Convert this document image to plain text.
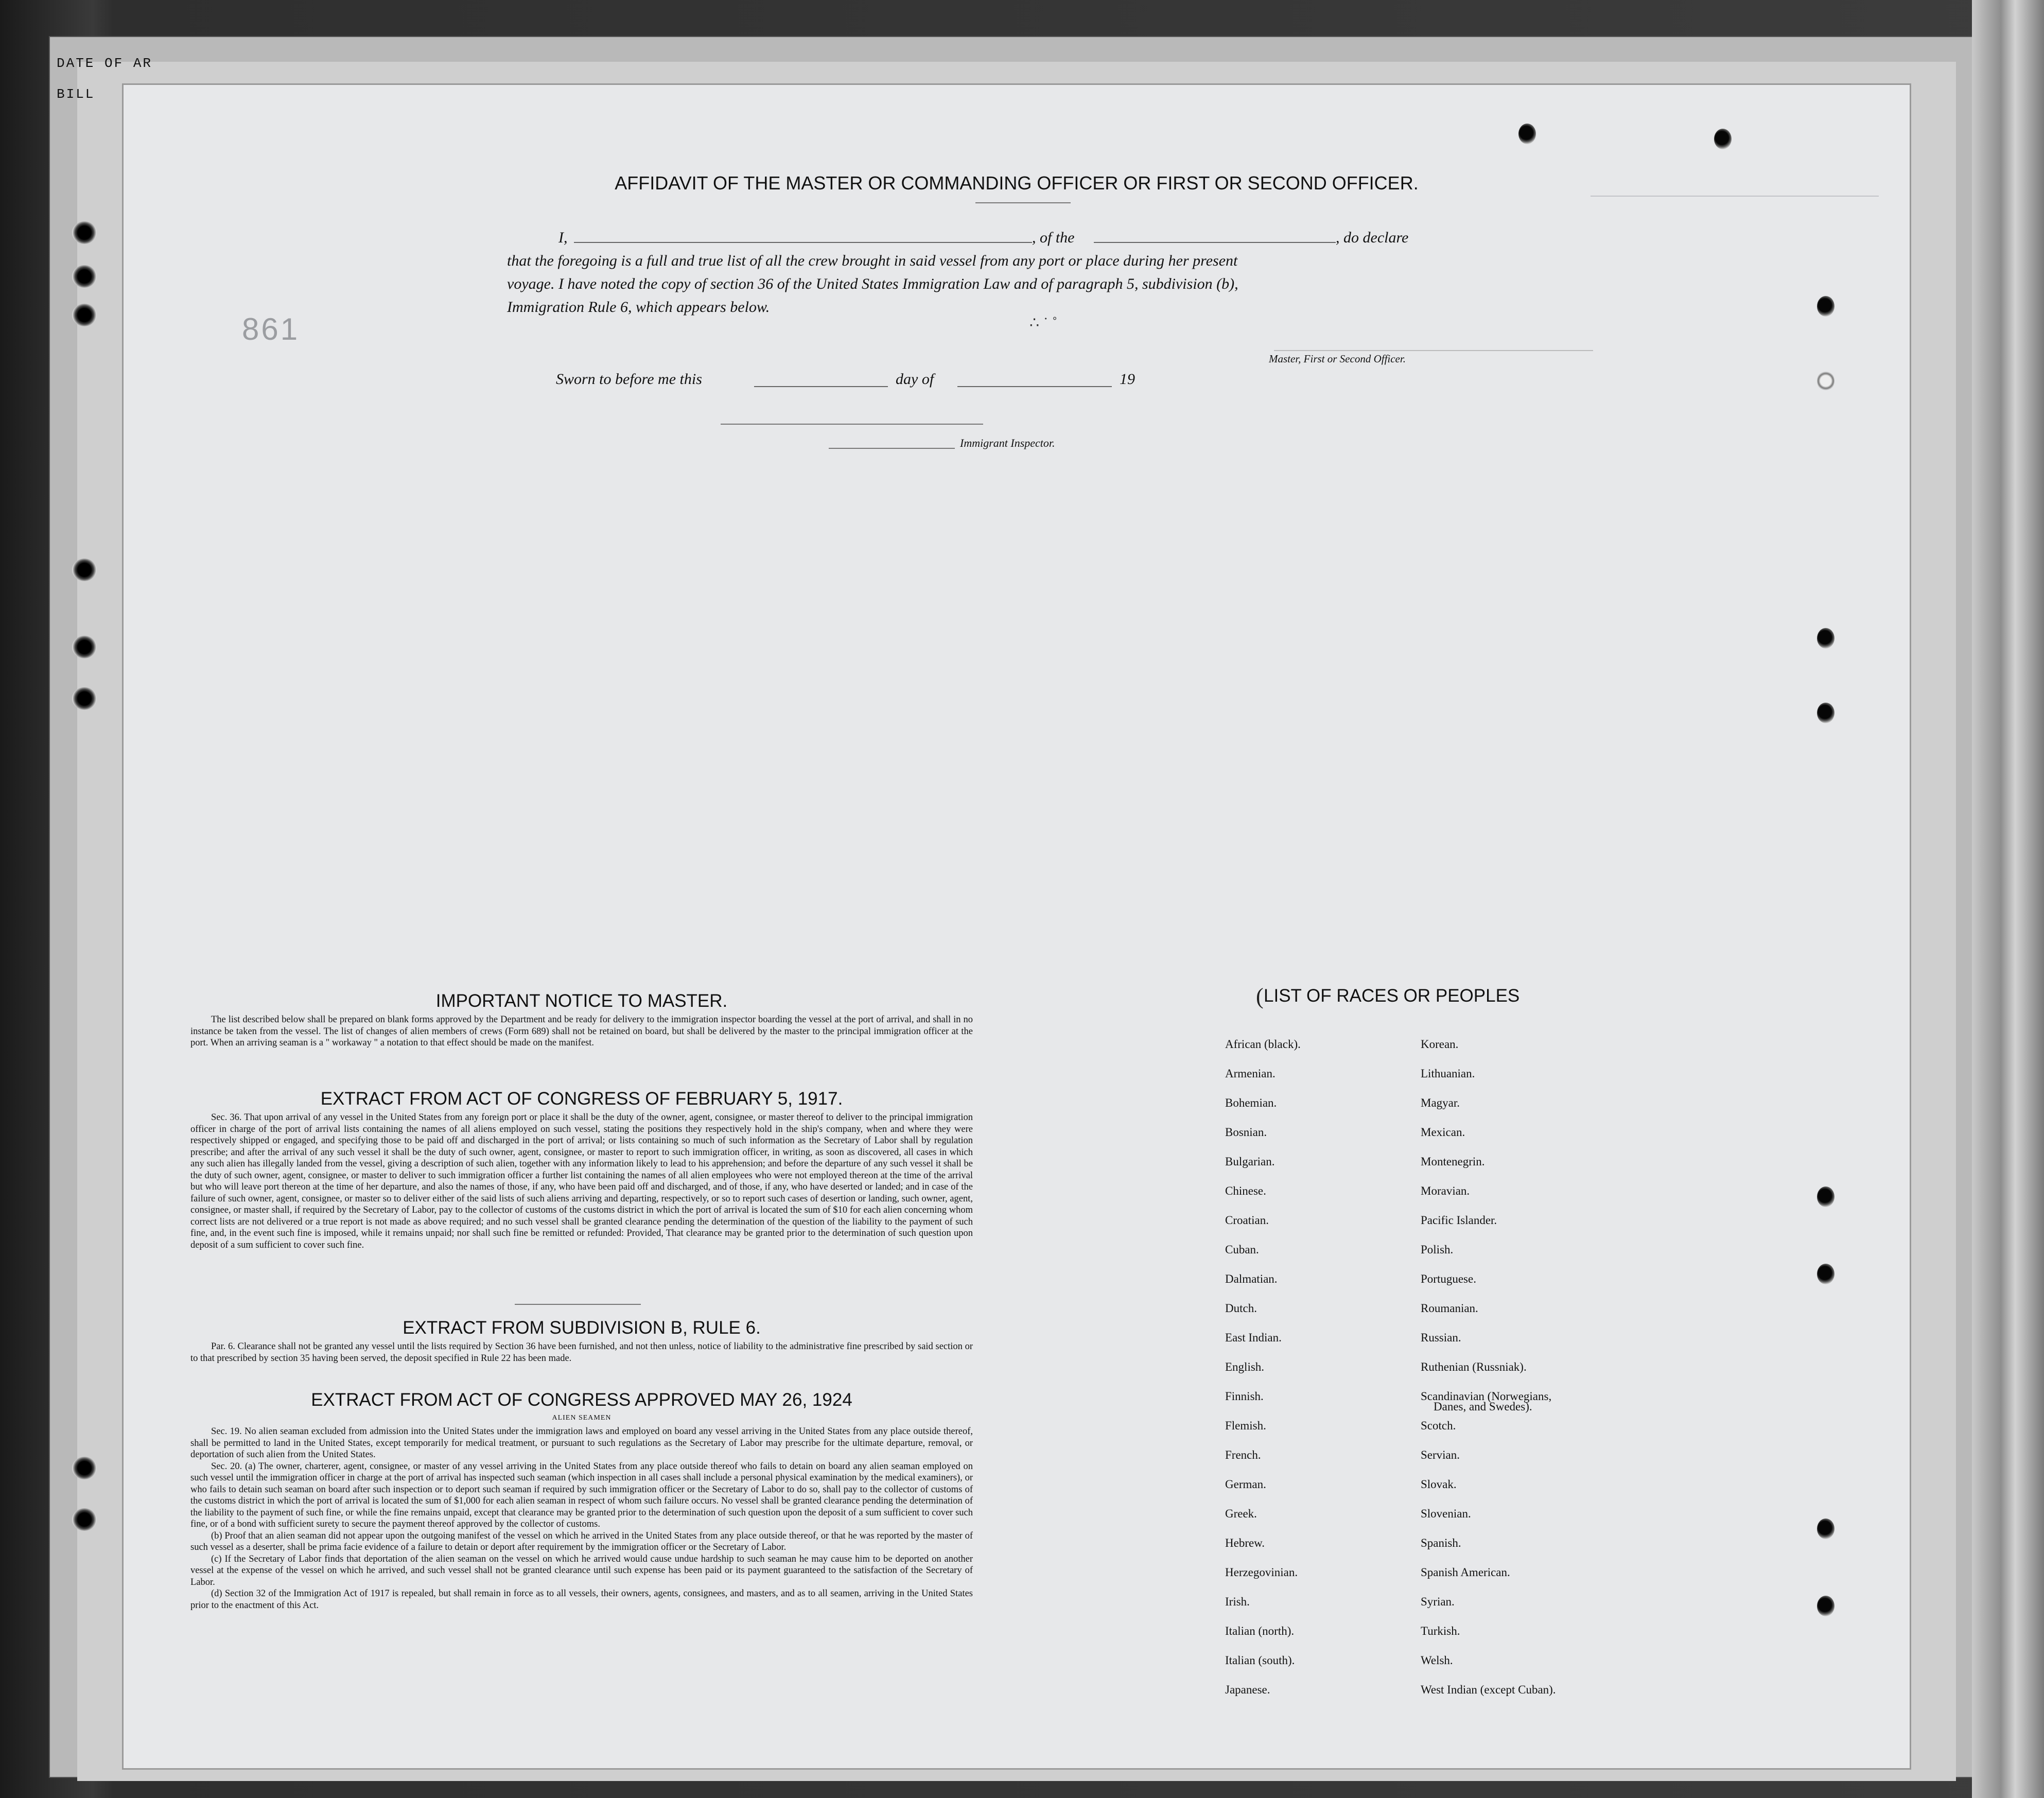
DATE OF AR
BILL
861
AFFIDAVIT OF THE MASTER OR COMMANDING OFFICER OR FIRST OR SECOND OFFICER.
I,	, of the	, do declare
that the foregoing is a full and true list of all the crew brought in said vessel from any port or place during her present
voyage. I have noted the copy of section 36 of the United States Immigration Law and of paragraph 5, subdivision (b),
Immigration Rule 6, which appears below.
∴ ˙ ˚
Master, First or Second Officer.
Sworn to before me this	day of	19
Immigrant Inspector.
IMPORTANT NOTICE TO MASTER.
The list described below shall be prepared on blank forms approved by the Department and be ready for delivery to the immigration inspector boarding the vessel at the port of arrival, and shall in no instance be taken from the vessel. The list of changes of alien members of crews (Form 689) shall not be retained on board, but shall be delivered by the master to the principal immigration officer at the port. When an arriving seaman is a " workaway " a notation to that effect should be made on the manifest.
EXTRACT FROM ACT OF CONGRESS OF FEBRUARY 5, 1917.
Sec. 36. That upon arrival of any vessel in the United States from any foreign port or place it shall be the duty of the owner, agent, consignee, or master thereof to deliver to the principal immigration officer in charge of the port of arrival lists containing the names of all aliens employed on such vessel, stating the positions they respectively hold in the ship's company, when and where they were respectively shipped or engaged, and specifying those to be paid off and discharged in the port of arrival; or lists containing so much of such information as the Secretary of Labor shall by regulation prescribe; and after the arrival of any such vessel it shall be the duty of such owner, agent, consignee, or master to report to such immigration officer, in writing, as soon as discovered, all cases in which any such alien has illegally landed from the vessel, giving a description of such alien, together with any information likely to lead to his apprehension; and before the departure of any such vessel it shall be the duty of such owner, agent, consignee, or master to deliver to such immigration officer a further list containing the names of all alien employees who were not employed thereon at the time of the arrival but who will leave port thereon at the time of her departure, and also the names of those, if any, who have been paid off and discharged, and of those, if any, who have deserted or landed; and in case of the failure of such owner, agent, consignee, or master so to deliver either of the said lists of such aliens arriving and departing, respectively, or so to report such cases of desertion or landing, such owner, agent, consignee, or master shall, if required by the Secretary of Labor, pay to the collector of customs of the customs district in which the port of arrival is located the sum of $10 for each alien concerning whom correct lists are not delivered or a true report is not made as above required; and no such vessel shall be granted clearance pending the determination of the question of the liability to the payment of such fine, and, in the event such fine is imposed, while it remains unpaid; nor shall such fine be remitted or refunded: Provided, That clearance may be granted prior to the determination of such question upon deposit of a sum sufficient to cover such fine.
EXTRACT FROM SUBDIVISION B, RULE 6.
Par. 6. Clearance shall not be granted any vessel until the lists required by Section 36 have been furnished, and not then unless, notice of liability to the administrative fine prescribed by said section or to that prescribed by section 35 having been served, the deposit specified in Rule 22 has been made.
EXTRACT FROM ACT OF CONGRESS APPROVED MAY 26, 1924
ALIEN SEAMEN
Sec. 19. No alien seaman excluded from admission into the United States under the immigration laws and employed on board any vessel arriving in the United States from any place outside thereof, shall be permitted to land in the United States, except temporarily for medical treatment, or pursuant to such regulations as the Secretary of Labor may prescribe for the ultimate departure, removal, or deportation of such alien from the United States.
Sec. 20. (a) The owner, charterer, agent, consignee, or master of any vessel arriving in the United States from any place outside thereof who fails to detain on board any alien seaman employed on such vessel until the immigration officer in charge at the port of arrival has inspected such seaman (which inspection in all cases shall include a personal physical examination by the medical examiners), or who fails to detain such seaman on board after such inspection or to deport such seaman if required by such immigration officer or the Secretary of Labor to do so, shall pay to the collector of customs of the customs district in which the port of arrival is located the sum of $1,000 for each alien seaman in respect of whom such failure occurs. No vessel shall be granted clearance pending the determination of the liability to the payment of such fine, or while the fine remains unpaid, except that clearance may be granted prior to the determination of such question upon the deposit of a sum sufficient to cover such fine, or of a bond with sufficient surety to secure the payment thereof approved by the collector of customs.
(b) Proof that an alien seaman did not appear upon the outgoing manifest of the vessel on which he arrived in the United States from any place outside thereof, or that he was reported by the master of such vessel as a deserter, shall be prima facie evidence of a failure to detain or deport after requirement by the immigration officer or the Secretary of Labor.
(c) If the Secretary of Labor finds that deportation of the alien seaman on the vessel on which he arrived would cause undue hardship to such seaman he may cause him to be deported on another vessel at the expense of the vessel on which he arrived, and such vessel shall not be granted clearance until such expense has been paid or its payment guaranteed to the satisfaction of the Secretary of Labor.
(d) Section 32 of the Immigration Act of 1917 is repealed, but shall remain in force as to all vessels, their owners, agents, consignees, and masters, and as to all seamen, arriving in the United States prior to the enactment of this Act.
( LIST OF RACES OR PEOPLES
African (black).
Armenian.
Bohemian.
Bosnian.
Bulgarian.
Chinese.
Croatian.
Cuban.
Dalmatian.
Dutch.
East Indian.
English.
Finnish.
Flemish.
French.
German.
Greek.
Hebrew.
Herzegovinian.
Irish.
Italian (north).
Italian (south).
Japanese.
Korean.
Lithuanian.
Magyar.
Mexican.
Montenegrin.
Moravian.
Pacific Islander.
Polish.
Portuguese.
Roumanian.
Russian.
Ruthenian (Russniak).
Scandinavian (Norwegians,
Scotch.
Servian.
Slovak.
Slovenian.
Spanish.
Spanish American.
Syrian.
Turkish.
Welsh.
West Indian (except Cuban).
Danes, and Swedes).
